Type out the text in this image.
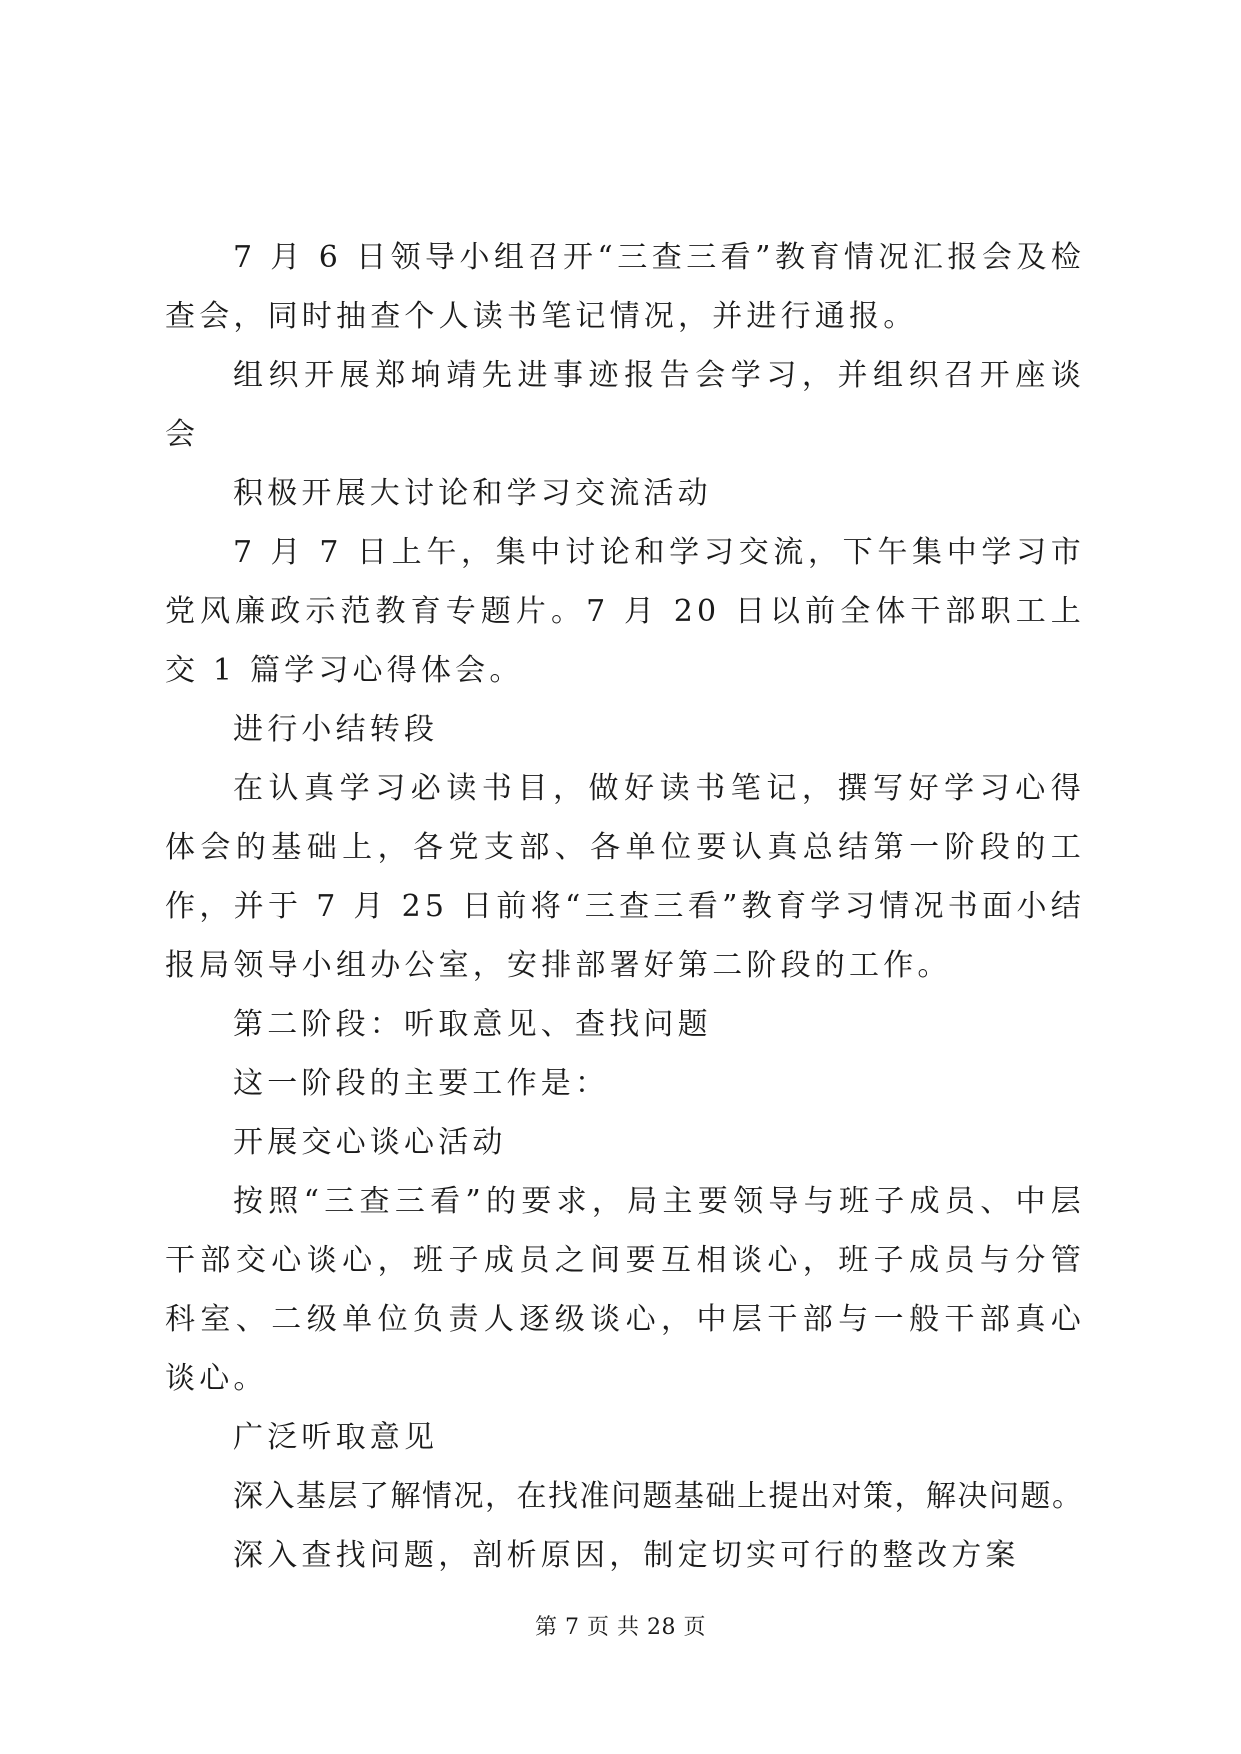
7 月 6 日领导小组召开“三查三看”教育情况汇报会及检查会，同时抽查个人读书笔记情况，并进行通报。

组织开展郑垧靖先进事迹报告会学习，并组织召开座谈会

积极开展大讨论和学习交流活动

7 月 7 日上午，集中讨论和学习交流，下午集中学习市党风廉政示范教育专题片。7 月 20 日以前全体干部职工上交 1 篇学习心得体会。

进行小结转段

在认真学习必读书目，做好读书笔记，撰写好学习心得体会的基础上，各党支部、各单位要认真总结第一阶段的工作，并于 7 月 25 日前将“三查三看”教育学习情况书面小结报局领导小组办公室，安排部署好第二阶段的工作。

第二阶段：听取意见、查找问题

这一阶段的主要工作是：

开展交心谈心活动

按照“三查三看”的要求，局主要领导与班子成员、中层干部交心谈心，班子成员之间要互相谈心，班子成员与分管科室、二级单位负责人逐级谈心，中层干部与一般干部真心谈心。

广泛听取意见

深入基层了解情况，在找准问题基础上提出对策，解决问题。

深入查找问题，剖析原因，制定切实可行的整改方案

第 7 页 共 28 页
